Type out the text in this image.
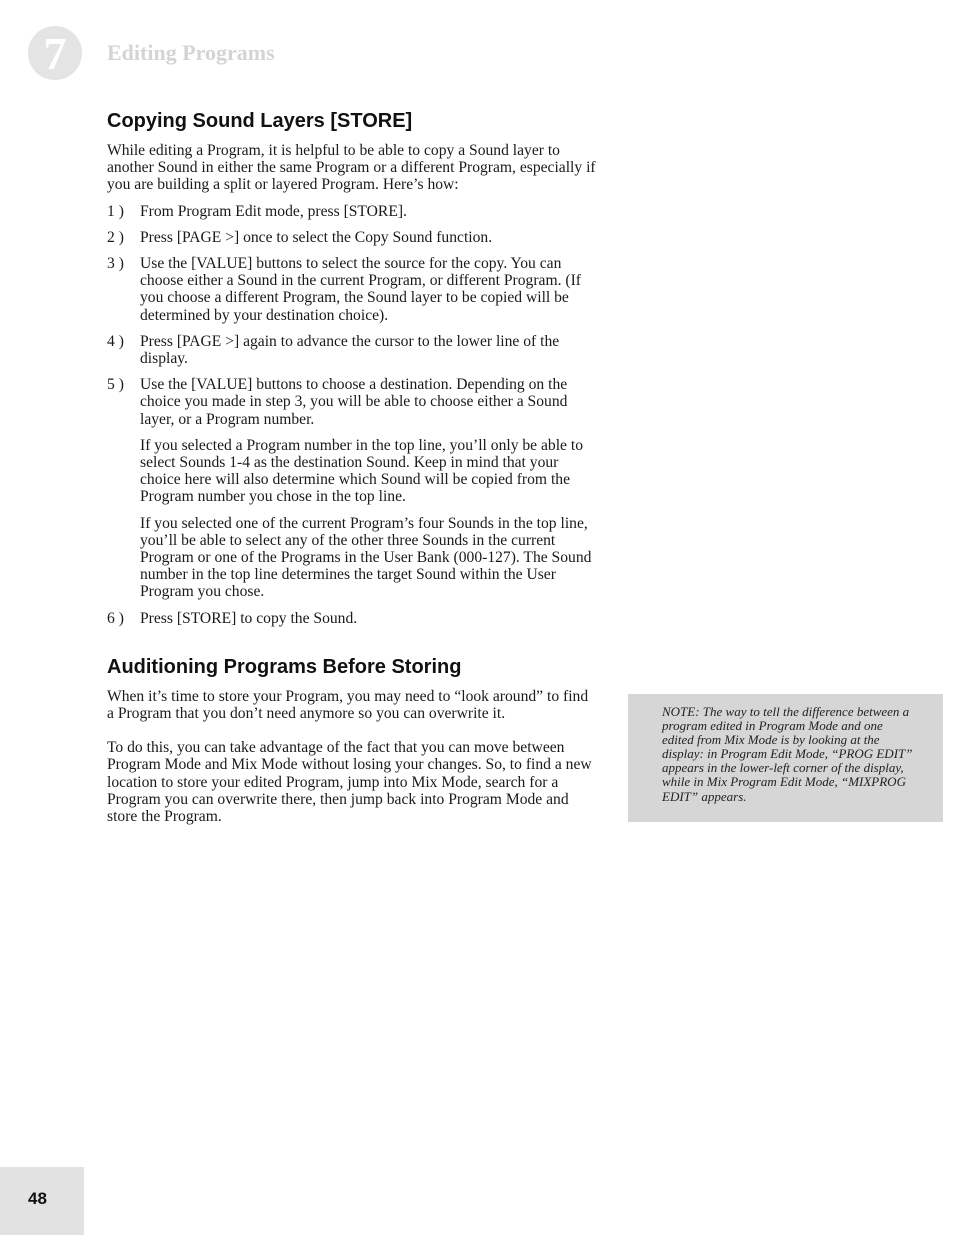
7 Editing Programs
Copying Sound Layers [STORE]

While editing a Program, it is helpful to be able to copy a Sound layer to another Sound in either the same Program or a different Program, especially if you are building a split or layered Program. Here’s how:

1 )	From Program Edit mode, press [STORE].
2 )	Press [PAGE >] once to select the Copy Sound function.
3 )	Use the [VALUE] buttons to select the source for the copy. You can choose either a Sound in the current Program, or different Program. (If you choose a different Program, the Sound layer to be copied will be determined by your destination choice).
4 )	Press [PAGE >] again to advance the cursor to the lower line of the display.
5 )	Use the [VALUE] buttons to choose a destination. Depending on the choice you made in step 3, you will be able to choose either a Sound layer, or a Program number.

If you selected a Program number in the top line, you’ll only be able to select Sounds 1-4 as the destination Sound. Keep in mind that your choice here will also determine which Sound will be copied from the Program number you chose in the top line.

If you selected one of the current Program’s four Sounds in the top line, you’ll be able to select any of the other three Sounds in the current Program or one of the Programs in the User Bank (000-127). The Sound number in the top line determines the target Sound within the User Program you chose.

6 )	Press [STORE] to copy the Sound.
Auditioning Programs Before Storing

When it’s time to store your Program, you may need to “look around” to find a Program that you don’t need anymore so you can overwrite it.

To do this, you can take advantage of the fact that you can move between Program Mode and Mix Mode without losing your changes. So, to find a new location to store your edited Program, jump into Mix Mode, search for a Program you can overwrite there, then jump back into Program Mode and store the Program.

NOTE: The way to tell the difference between a program edited in Program Mode and one edited from Mix Mode is by looking at the display: in Program Edit Mode, “PROG EDIT” appears in the lower-left corner of the display, while in Mix Program Edit Mode, “MIXPROG EDIT” appears.
48
